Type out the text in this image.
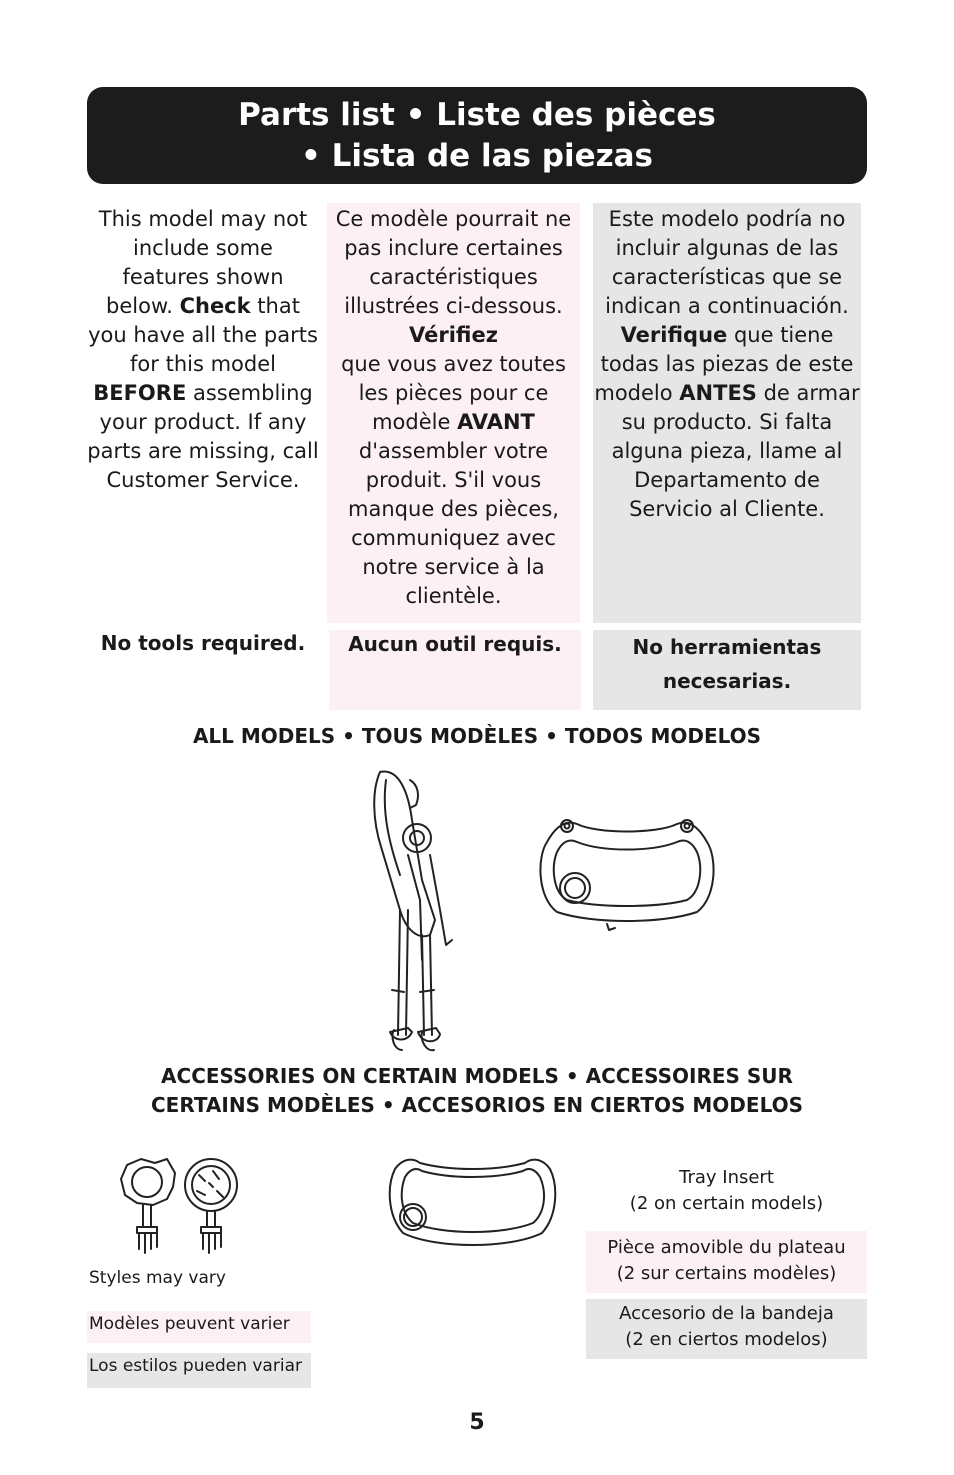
Parts list • Liste des pièces
• Lista de las piezas
This model may not include some features shown below. Check that you have all the parts for this model BEFORE assembling your product. If any parts are missing, call Customer Service.
Ce modèle pourrait ne pas inclure certaines caractéristiques illustrées ci-dessous.
Vérifiez
que vous avez toutes les pièces pour ce modèle AVANT d'assembler votre produit. S'il vous manque des pièces, communiquez avec notre service à la clientèle.
Este modelo podría no incluir algunas de las características que se indican a continuación.
Verifique que tiene todas las piezas de este modelo ANTES de armar su producto. Si falta alguna pieza, llame al Departamento de Servicio al Cliente.
No tools required.	Aucun outil requis.	No herramientas necesarias.
ALL MODELS • TOUS MODÈLES • TODOS MODELOS
ACCESSORIES ON CERTAIN MODELS • ACCESSOIRES SUR
CERTAINS MODÈLES • ACCESORIOS EN CIERTOS MODELOS
Styles may vary
Modèles peuvent varier
Los estilos pueden variar
Tray Insert
(2 on certain models)
Pièce amovible du plateau
(2 sur certains modèles)
Accesorio de la bandeja
(2 en ciertos modelos)
5
